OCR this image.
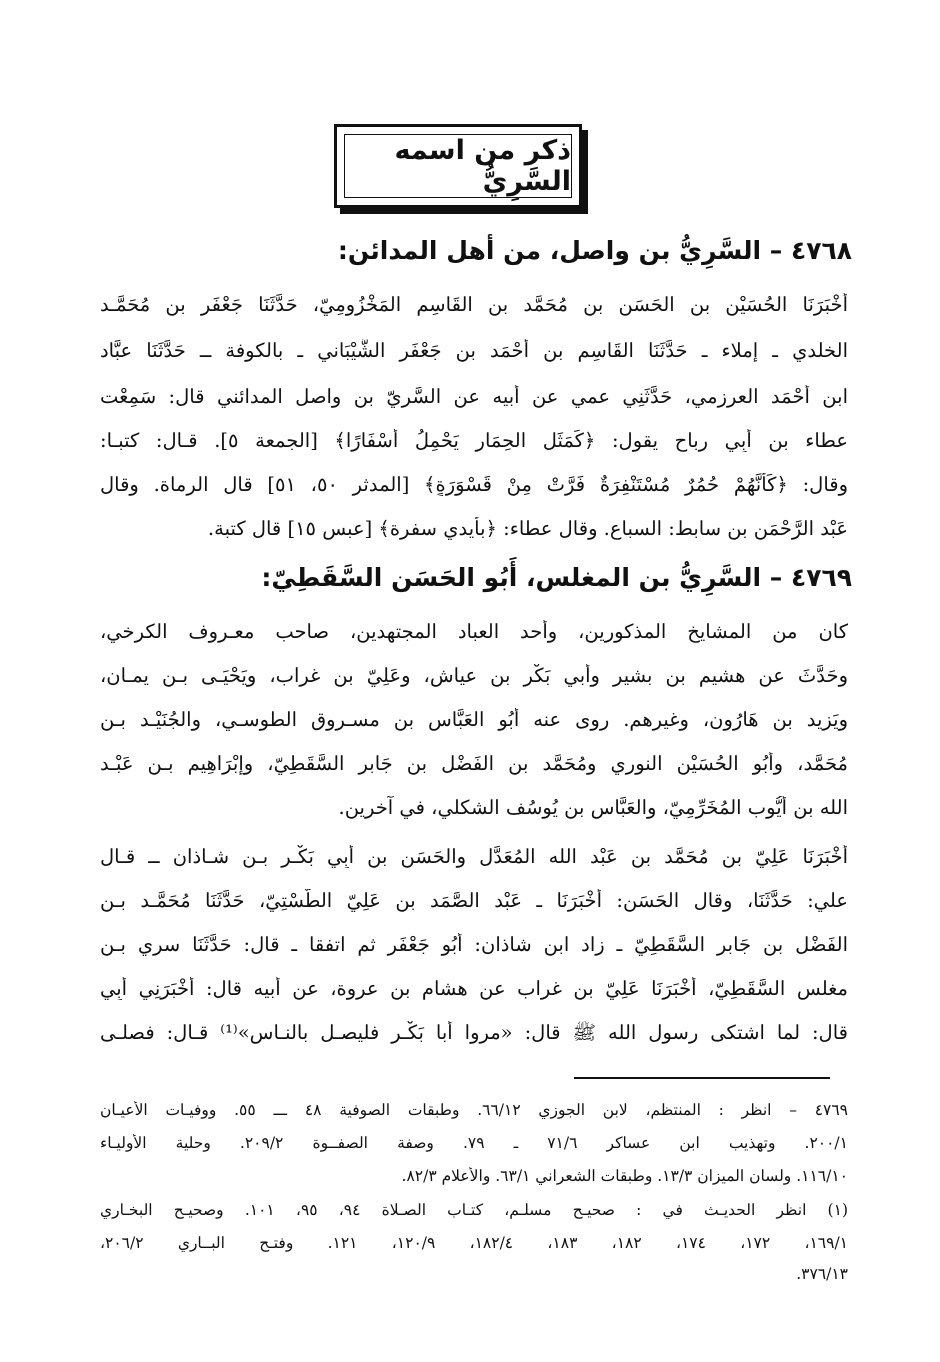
ذكر من اسمه السَّرِيُّ
٤٧٦٨ – السَّرِيُّ بن واصل، من أهل المدائن:
أَخْبَرَنَا الحُسَيْن بن الحَسَن بن مُحَمَّد بن القَاسِم المَخْزُومِيّ، حَدَّثَنَا جَعْفَر بن مُحَمَّـد
الخلدي ـ إملاء ـ حَدَّثَنَا القَاسِم بن أَحْمَد بن جَعْفَر الشَّيْبَاني ـ بالكوفة ــ حَدَّثَنَا عبَّاد
ابن أَحْمَد العرزمي، حَدَّثَنِي عمي عن أبيه عن السَّرِيّ بن واصل المدائني قال: سَمِعْت
عطاء بن أَبِي رباح يقول: ﴿كَمَثَلِ الحِمَارِ يَحْمِلُ أَسْفَارًا﴾ [الجمعة ٥]. قـال: كتبـا:
وقال: ﴿كَأَنَّهُمْ حُمُرٌ مُسْتَنْفِرَةٌ فَرَّتْ مِنْ قَسْوَرَةٍ﴾ [المدثر ٥٠، ٥١] قال الرماة. وقال
عَبْد الرَّحْمَن بن سابط: السباع. وقال عطاء: ﴿بأيدي سفرة﴾ [عبس ١٥] قال كتبة.
٤٧٦٩ – السَّرِيُّ بن المغلس، أَبُو الحَسَن السَّقَطِيّ:
كان من المشايخ المذكورين، وأحد العباد المجتهدين، صاحب معـروف الكرخي،
وحَدَّثَ عن هشيم بن بشير وأبي بَكْر بن عياش، وعَلِيّ بن غراب، ويَحْيَـى بـن يمـان،
ويَزِيد بن هَارُون، وغيرهم. روى عنه أَبُو العَبَّاس بن مسـروق الطوسـي، والجُنَيْـد بـن
مُحَمَّد، وأَبُو الحُسَيْن النوري ومُحَمَّد بن الفَضْل بن جَابر السَّقَطِيّ، وإِبْرَاهِيم بـن عَبْـد
الله بن أَيُّوب المُخَرِّمِيّ، والعَبَّاس بن يُوسُف الشكلي، في آخرين.
أَخْبَرَنَا عَلِيّ بن مُحَمَّد بن عَبْد الله المُعَدَّل والحَسَن بن أَبِي بَكْـر بـن شـاذان ــ قـال
علي: حَدَّثَنَا، وقال الحَسَن: أَخْبَرَنَا ـ عَبْد الصَّمَد بن عَلِيّ الطَّسْتِيّ، حَدَّثَنَا مُحَمَّـد بـن
الفَضْل بن جَابر السَّقَطِيّ ـ زاد ابن شاذان: أَبُو جَعْفَر ثم اتفقا ـ قال: حَدَّثَنَا سري بـن
مغلس السَّقَطِيّ، أَخْبَرَنَا عَلِيّ بن غراب عن هشام بن عروة، عن أبيه قال: أَخْبَرَنِي أَبِي
قال: لما اشتكى رسول الله ﷺ قال: «مروا أبا بَكْـر فليصـل بالنـاس»⁽¹⁾ قـال: فصلـى
٤٧٦٩ – انظر : المنتظم، لابن الجوزي ٦٦/١٢. وطبقات الصوفية ٤٨ ـــ ٥٥. ووفيـات الأعيـان
٢٠٠/١. وتهذيب ابن عساكر ٧١/٦ ـ ٧٩. وصفة الصفــوة ٢٠٩/٢. وحلية الأوليـاء
١١٦/١٠. ولسان الميزان ١٣/٣. وطبقات الشعراني ٦٣/١. والأعلام ٨٢/٣.
(١) انظر الحديـث في : صحيـح مسلـم، كتـاب الصـلاة ٩٤، ٩٥، ١٠١. وصحيـح البخـاري
١٦٩/١، ١٧٢، ١٧٤، ١٨٢، ١٨٣، ١٨٢/٤، ١٢٠/٩، ١٢١. وفتـح البــاري ٢٠٦/٢،
٣٧٦/١٣.
